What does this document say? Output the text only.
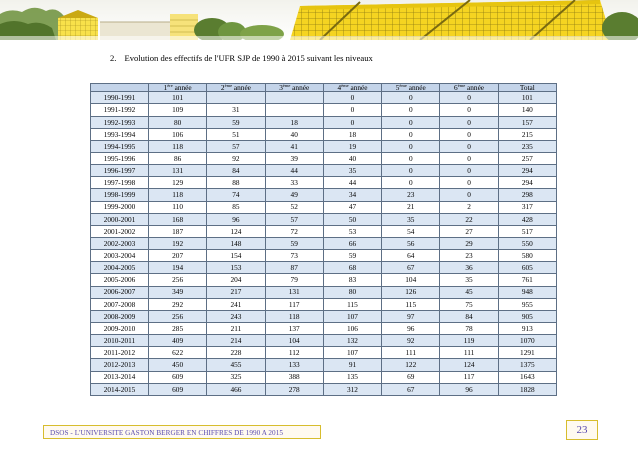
2. Evolution des effectifs de l'UFR SJP de 1990 à 2015 suivant les niveaux
	1ère année	2ème année	3ème année	4ème année	5ème année	6ème année	Total
1990-1991	101			0	0	0	101
1991-1992	109	31		0	0	0	140
1992-1993	80	59	18	0	0	0	157
1993-1994	106	51	40	18	0	0	215
1994-1995	118	57	41	19	0	0	235
1995-1996	86	92	39	40	0	0	257
1996-1997	131	84	44	35	0	0	294
1997-1998	129	88	33	44	0	0	294
1998-1999	118	74	49	34	23	0	298
1999-2000	110	85	52	47	21	2	317
2000-2001	168	96	57	50	35	22	428
2001-2002	187	124	72	53	54	27	517
2002-2003	192	148	59	66	56	29	550
2003-2004	207	154	73	59	64	23	580
2004-2005	194	153	87	68	67	36	605
2005-2006	256	204	79	83	104	35	761
2006-2007	349	217	131	80	126	45	948
2007-2008	292	241	117	115	115	75	955
2008-2009	256	243	118	107	97	84	905
2009-2010	285	211	137	106	96	78	913
2010-2011	409	214	104	132	92	119	1070
2011-2012	622	228	112	107	111	111	1291
2012-2013	450	455	133	91	122	124	1375
2013-2014	609	325	388	135	69	117	1643
2014-2015	609	466	278	312	67	96	1828
DSOS - L'UNIVERSITE GASTON BERGER EN CHIFFRES DE 1990 A 2015	23
